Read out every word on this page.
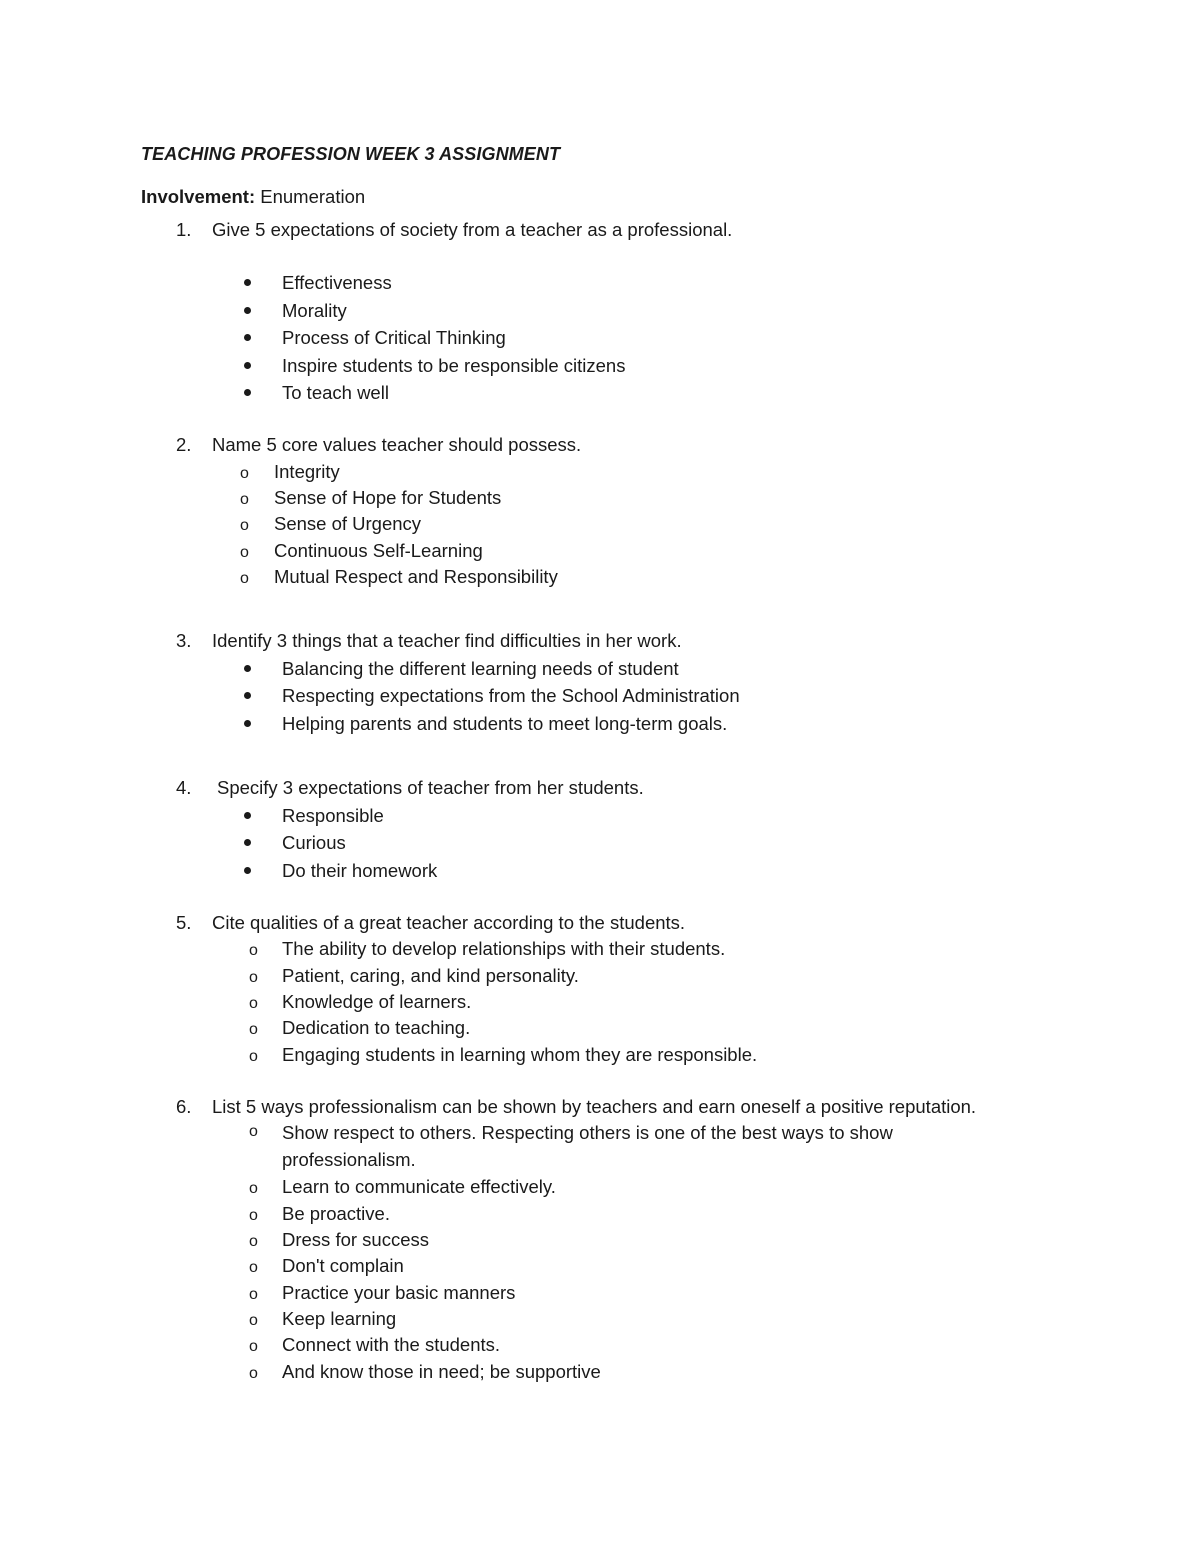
TEACHING PROFESSION WEEK 3 ASSIGNMENT
Involvement: Enumeration
1. Give 5 expectations of society from a teacher as a professional.
Effectiveness
Morality
Process of Critical Thinking
Inspire students to be responsible citizens
To teach well
2. Name 5 core values teacher should possess.
o Integrity
o Sense of Hope for Students
o Sense of Urgency
o Continuous Self-Learning
o Mutual Respect and Responsibility
3. Identify 3 things that a teacher find difficulties in her work.
Balancing the different learning needs of student
Respecting expectations from the School Administration
Helping parents and students to meet long-term goals.
4. Specify 3 expectations of teacher from her students.
Responsible
Curious
Do their homework
5. Cite qualities of a great teacher according to the students.
o The ability to develop relationships with their students.
o Patient, caring, and kind personality.
o Knowledge of learners.
o Dedication to teaching.
o Engaging students in learning whom they are responsible.
6. List 5 ways professionalism can be shown by teachers and earn oneself a positive reputation.
o Show respect to others. Respecting others is one of the best ways to show professionalism.
o Learn to communicate effectively.
o Be proactive.
o Dress for success
o Don't complain
o Practice your basic manners
o Keep learning
o Connect with the students.
o And know those in need; be supportive
